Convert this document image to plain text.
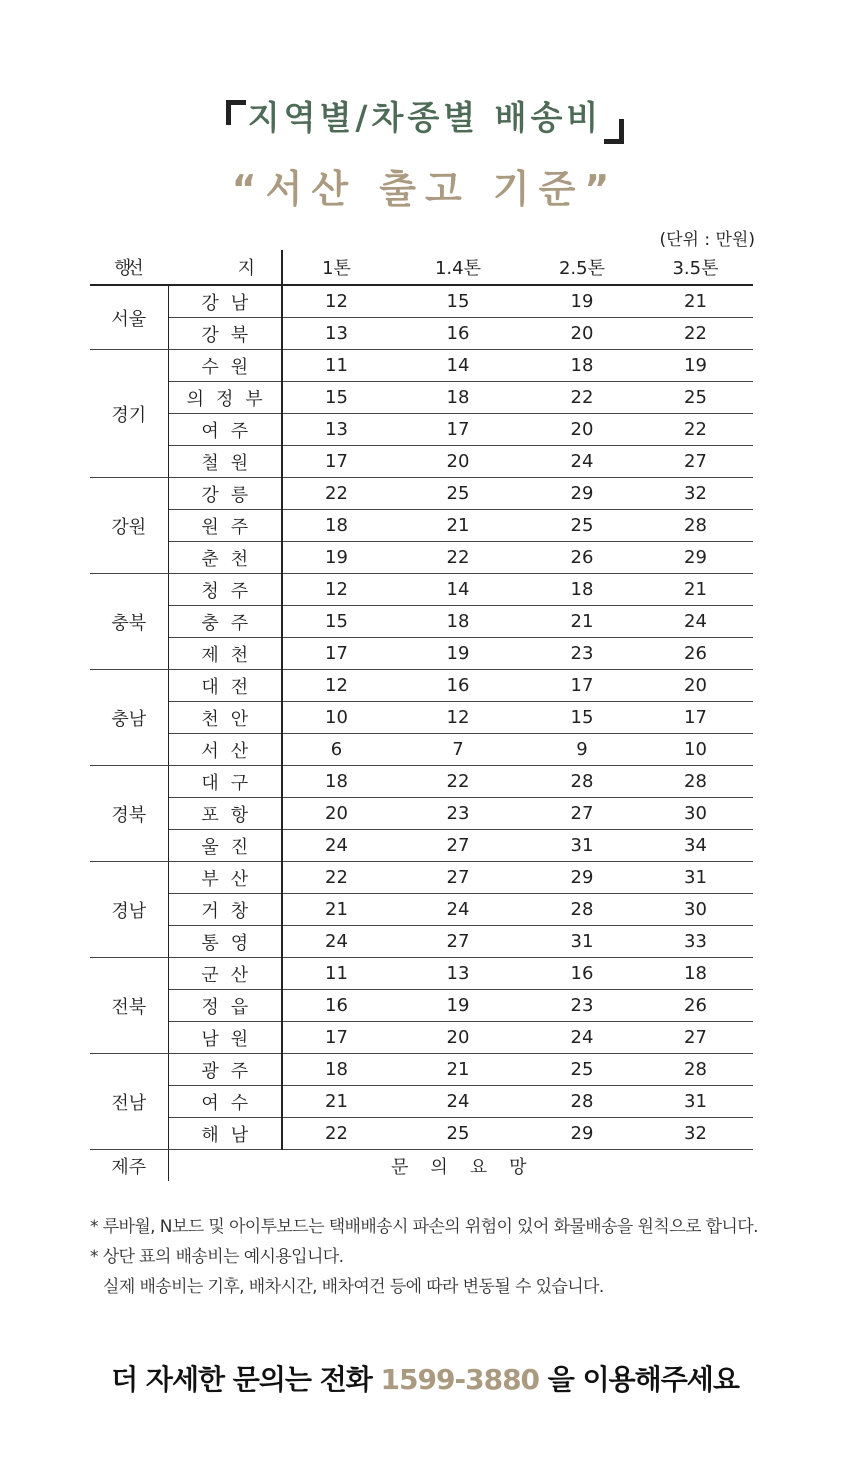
지역별/차종별 배송비
“서산 출고 기준”
(단위 : 만원)
행	선 지	1톤	1.4톤	2.5톤	3.5톤
서울	강남	12	15	19	21
	강북	13	16	20	22
경기	수원	11	14	18	19
	의정부	15	18	22	25
	여주	13	17	20	22
	철원	17	20	24	27
강원	강릉	22	25	29	32
	원주	18	21	25	28
	춘천	19	22	26	29
충북	청주	12	14	18	21
	충주	15	18	21	24
	제천	17	19	23	26
충남	대전	12	16	17	20
	천안	10	12	15	17
	서산	6	7	9	10
경북	대구	18	22	28	28
	포항	20	23	27	30
	울진	24	27	31	34
경남	부산	22	27	29	31
	거창	21	24	28	30
	통영	24	27	31	33
전북	군산	11	13	16	18
	정읍	16	19	23	26
	남원	17	20	24	27
전남	광주	18	21	25	28
	여수	21	24	28	31
	해남	22	25	29	32
제주	문의요망				
* 루바월, N보드 및 아이투보드는 택배배송시 파손의 위험이 있어 화물배송을 원칙으로 합니다.
* 상단 표의 배송비는 예시용입니다.
실제 배송비는 기후, 배차시간, 배차여건 등에 따라 변동될 수 있습니다.
더 자세한 문의는 전화 1599-3880 을 이용해주세요
